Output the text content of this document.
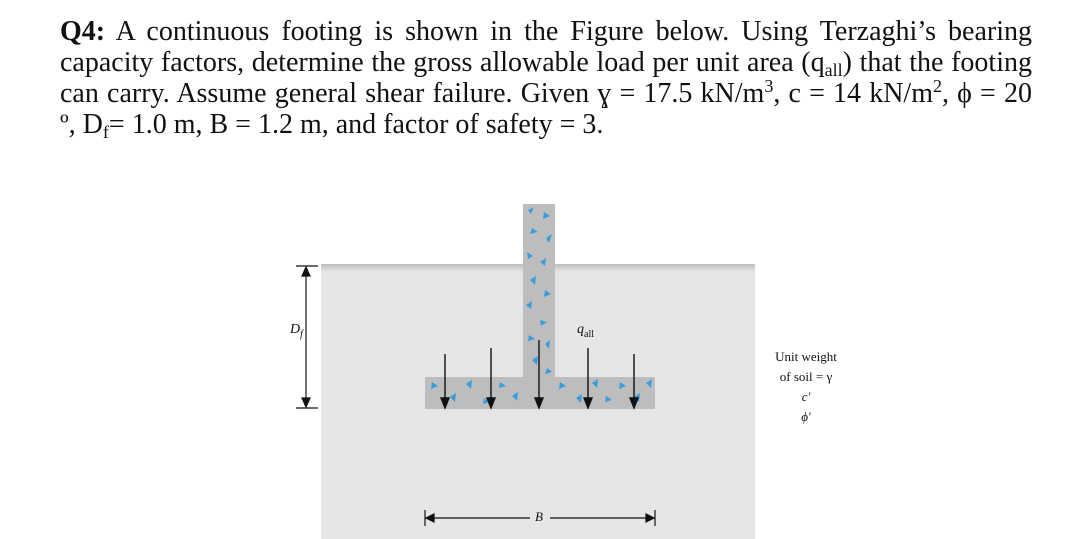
Q4: A continuous footing is shown in the Figure below. Using Terzaghi’s bearing capacity factors, determine the gross allowable load per unit area $(q_{all})$ that the footing can carry. Assume general shear failure. Given ɣ = 17.5 $kN/m^3$, c = 14 $kN/m^2$, ϕ = 20 º, $D_f= 1.0$ m, B = 1.2 m, and factor of safety = 3.
$D_f$	$q_{all}$
B
Unit weight
of soil = γ
c′
ϕ′
